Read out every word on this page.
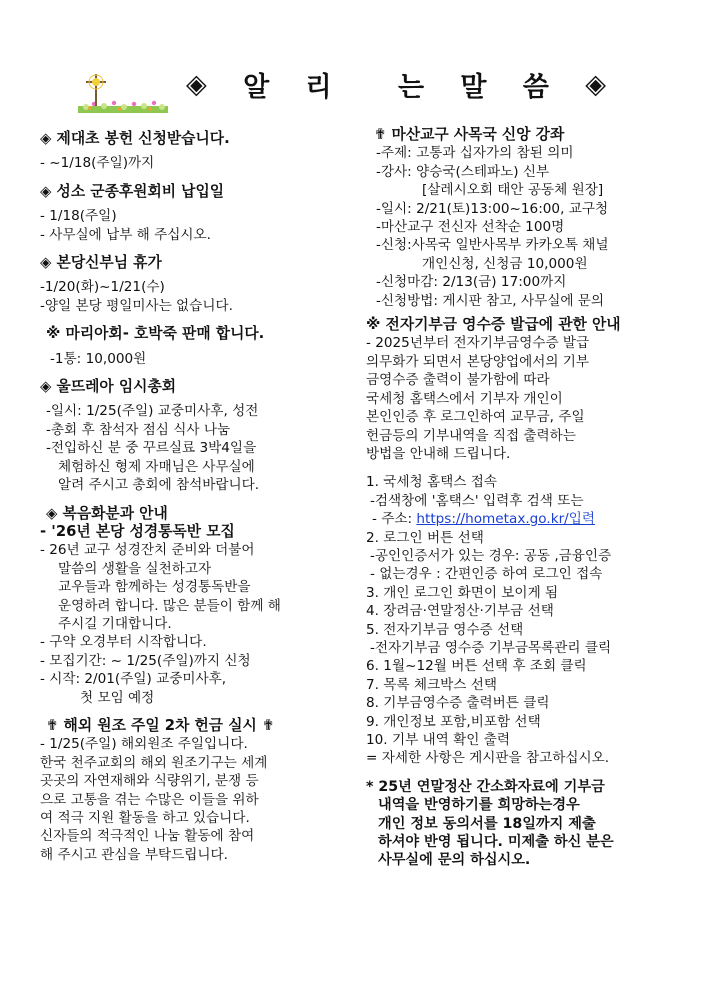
◈ 알 리 는 말 씀 ◈

◈ 제대초 봉헌 신청받습니다.

- ~1/18(주일)까지

◈ 성소 군종후원회비 납입일

- 1/18(주일)

- 사무실에 납부 해 주십시오.

◈ 본당신부님 휴가

-1/20(화)~1/21(수)

-양일 본당 평일미사는 없습니다.

※ 마리아회- 호박죽 판매 합니다.

-1통: 10,000원

◈ 울뜨레아 임시총회

-일시: 1/25(주일) 교중미사후, 성전

-총회 후 참석자 점심 식사 나눔

-전입하신 분 중 꾸르실료 3박4일을

체험하신 형제 자매님은 사무실에

알려 주시고 총회에 참석바랍니다.

◈ 복음화분과 안내

- '26년 본당 성경통독반 모집

- 26년 교구 성경잔치 준비와 더불어

말씀의 생활을 실천하고자

교우들과 함께하는 성경통독반을

운영하려 합니다. 많은 분들이 함께 해

주시길 기대합니다.

- 구약 오경부터 시작합니다.

- 모집기간: ~ 1/25(주일)까지 신청

- 시작: 2/01(주일) 교중미사후,

첫 모임 예정

✟ 해외 원조 주일 2차 헌금 실시 ✟

- 1/25(주일) 해외원조 주일입니다.

한국 천주교회의 해외 원조기구는 세계

곳곳의 자연재해와 식량위기, 분쟁 등

으로 고통을 겪는 수많은 이들을 위하

여 적극 지원 활동을 하고 있습니다.

신자들의 적극적인 나눔 활동에 참여

해 주시고 관심을 부탁드립니다.

✟ 마산교구 사목국 신앙 강좌

-주제: 고통과 십자가의 참된 의미

-강사: 양승국(스테파노) 신부

[살레시오회 태안 공동체 원장]

-일시: 2/21(토)13:00~16:00, 교구청

-마산교구 전신자 선착순 100명

-신청:사목국 일반사목부 카카오톡 채널

개인신청, 신청금 10,000원

-신청마감: 2/13(금) 17:00까지

-신청방법: 게시판 참고, 사무실에 문의

※ 전자기부금 영수증 발급에 관한 안내

- 2025년부터 전자기부금영수증 발급

의무화가 되면서 본당양업에서의 기부

금영수증 출력이 불가함에 따라

국세청 홈택스에서 기부자 개인이

본인인증 후 로그인하여 교무금, 주일

헌금등의 기부내역을 직접 출력하는

방법을 안내해 드립니다.

1. 국세청 홈택스 접속

-검색창에 '홈택스' 입력후 검색 또는

- 주소: https://hometax.go.kr/입력

2. 로그인 버튼 선택

-공인인증서가 있는 경우: 공동 ,금융인증

- 없는경우 : 간편인증 하여 로그인 접속

3. 개인 로그인 화면이 보이게 됨

4. 장려금·연말정산·기부금 선택

5. 전자기부금 영수증 선택

-전자기부금 영수증 기부금목록관리 클릭

6. 1월~12월 버튼 선택 후 조회 클릭

7. 목록 체크박스 선택

8. 기부금영수증 출력버튼 클릭

9. 개인정보 포함,비포함 선택

10. 기부 내역 확인 출력

= 자세한 사항은 게시판을 참고하십시오.

* 25년 연말정산 간소화자료에 기부금

내역을 반영하기를 희망하는경우

개인 정보 동의서를 18일까지 제출

하셔야 반영 됩니다. 미제출 하신 분은

사무실에 문의 하십시오.
